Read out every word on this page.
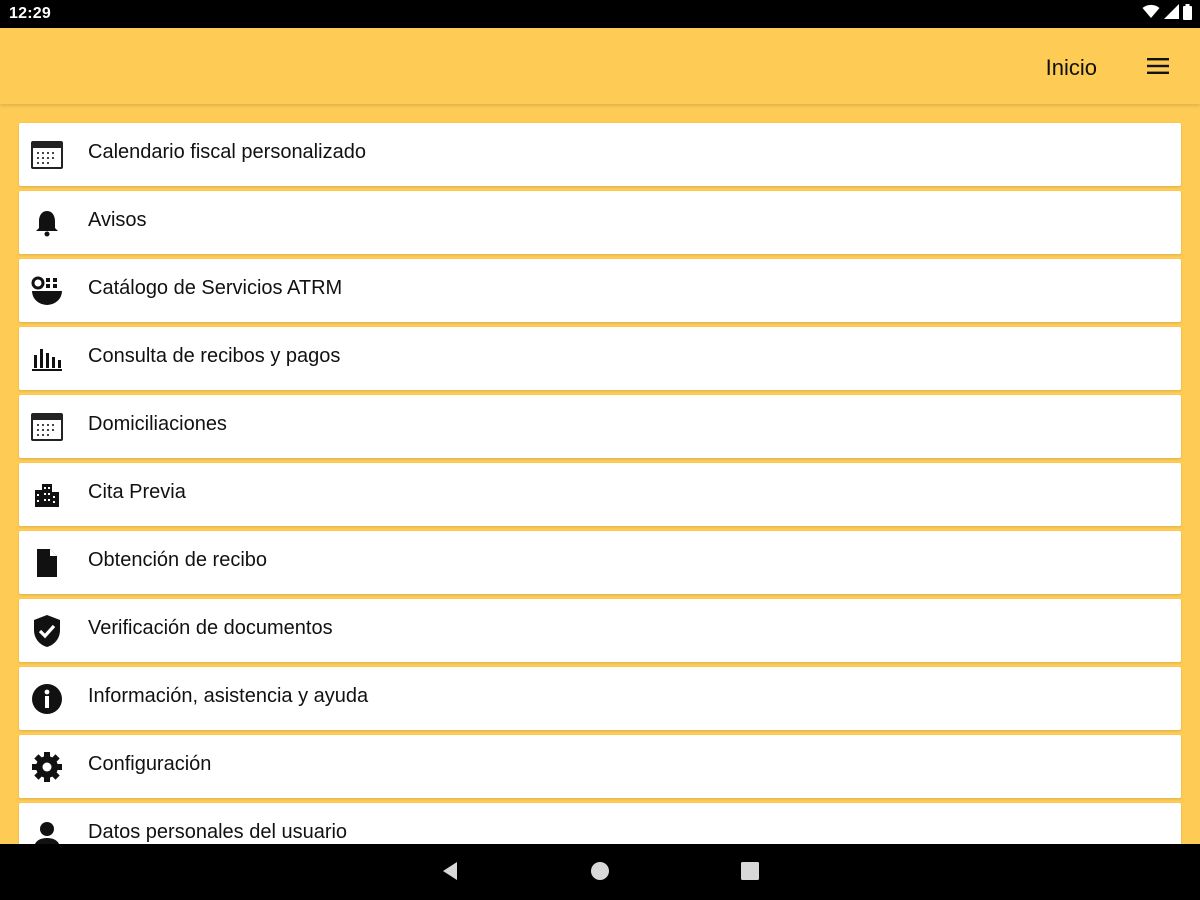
12:29
Inicio
Calendario fiscal personalizado
Avisos
Catálogo de Servicios ATRM
Consulta de recibos y pagos
Domiciliaciones
Cita Previa
Obtención de recibo
Verificación de documentos
Información, asistencia y ayuda
Configuración
Datos personales del usuario
